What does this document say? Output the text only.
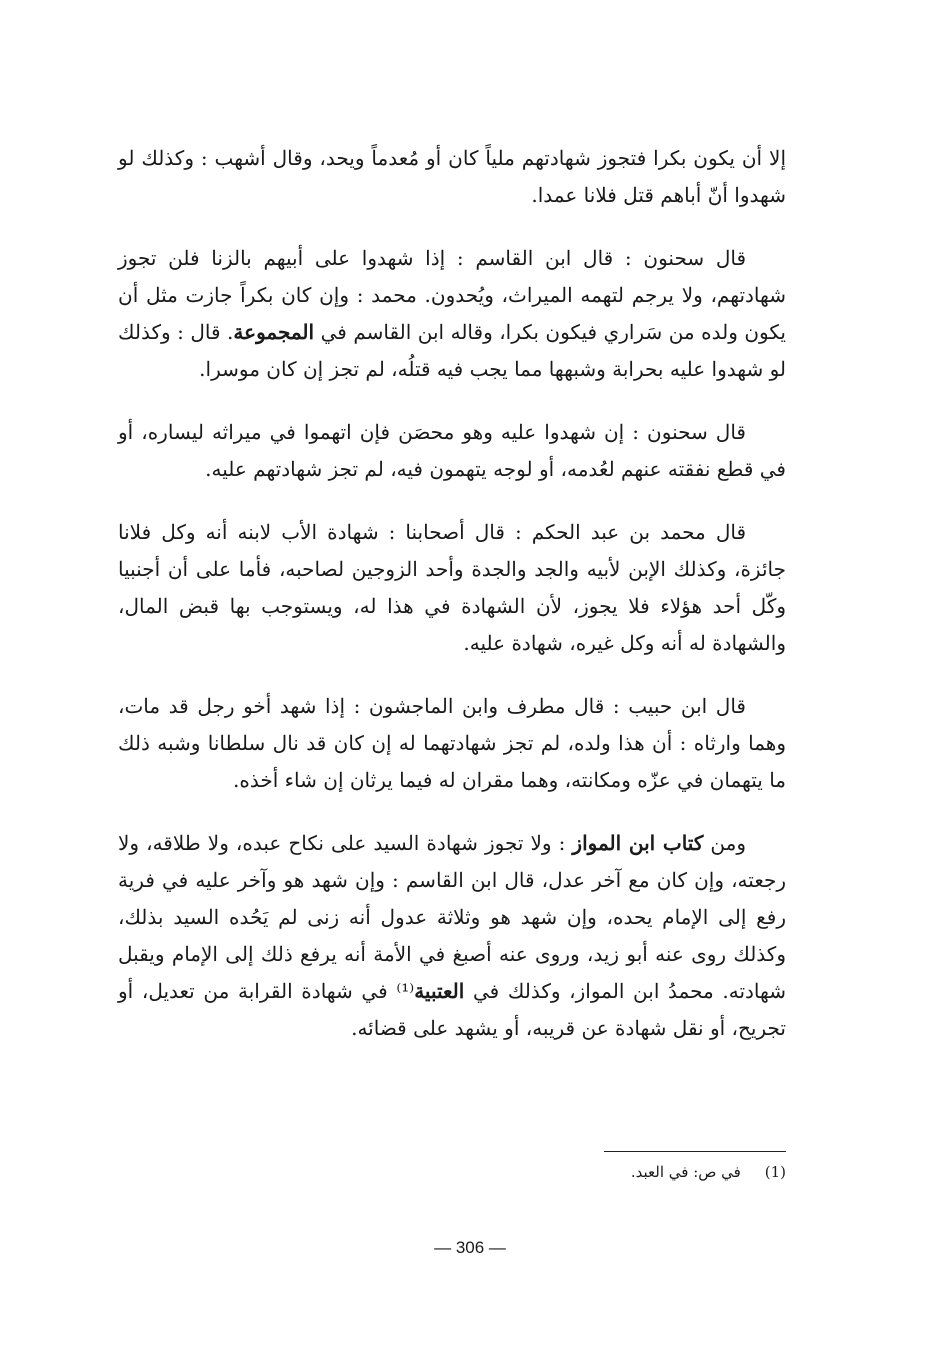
إلا أن يكون بكرا فتجوز شهادتهم ملياً كان أو مُعدماً ويحد، وقال أشهب : وكذلك لو شهدوا أنّ أباهم قتل فلانا عمدا.

قال سحنون : قال ابن القاسم : إذا شهدوا على أبيهم بالزنا فلن تجوز شهادتهم، ولا يرجم لتهمه الميراث، ويُحدون. محمد : وإن كان بكراً جازت مثل أن يكون ولده من سَراري فيكون بكرا، وقاله ابن القاسم في المجموعة. قال : وكذلك لو شهدوا عليه بحرابة وشبهها مما يجب فيه قتلُه، لم تجز إن كان موسرا.

قال سحنون : إن شهدوا عليه وهو محصَن فإن اتهموا في ميراثه ليساره، أو في قطع نفقته عنهم لعُدمه، أو لوجه يتهمون فيه، لم تجز شهادتهم عليه.

قال محمد بن عبد الحكم : قال أصحابنا : شهادة الأب لابنه أنه وكل فلانا جائزة، وكذلك الإبن لأبيه والجد والجدة وأحد الزوجين لصاحبه، فأما على أن أجنبيا وكّل أحد هؤلاء فلا يجوز، لأن الشهادة في هذا له، ويستوجب بها قبض المال، والشهادة له أنه وكل غيره، شهادة عليه.

قال ابن حبيب : قال مطرف وابن الماجشون : إذا شهد أخو رجل قد مات، وهما وارثاه : أن هذا ولده، لم تجز شهادتهما له إن كان قد نال سلطانا وشبه ذلك ما يتهمان في عزّه ومكانته، وهما مقران له فيما يرثان إن شاء أخذه.

ومن كتاب ابن المواز : ولا تجوز شهادة السيد على نكاح عبده، ولا طلاقه، ولا رجعته، وإن كان مع آخر عدل، قال ابن القاسم : وإن شهد هو وآخر عليه في فرية رفع إلى الإمام يحده، وإن شهد هو وثلاثة عدول أنه زنى لم يَحُده السيد بذلك، وكذلك روى عنه أبو زيد، وروى عنه أصبغ في الأمة أنه يرفع ذلك إلى الإمام ويقبل شهادته. محمدُ ابن المواز، وكذلك في العتبية⁽¹⁾ في شهادة القرابة من تعديل، أو تجريح، أو نقل شهادة عن قريبه، أو يشهد على قضائه.

(1)     في ص: في العبد.
— 306 —
